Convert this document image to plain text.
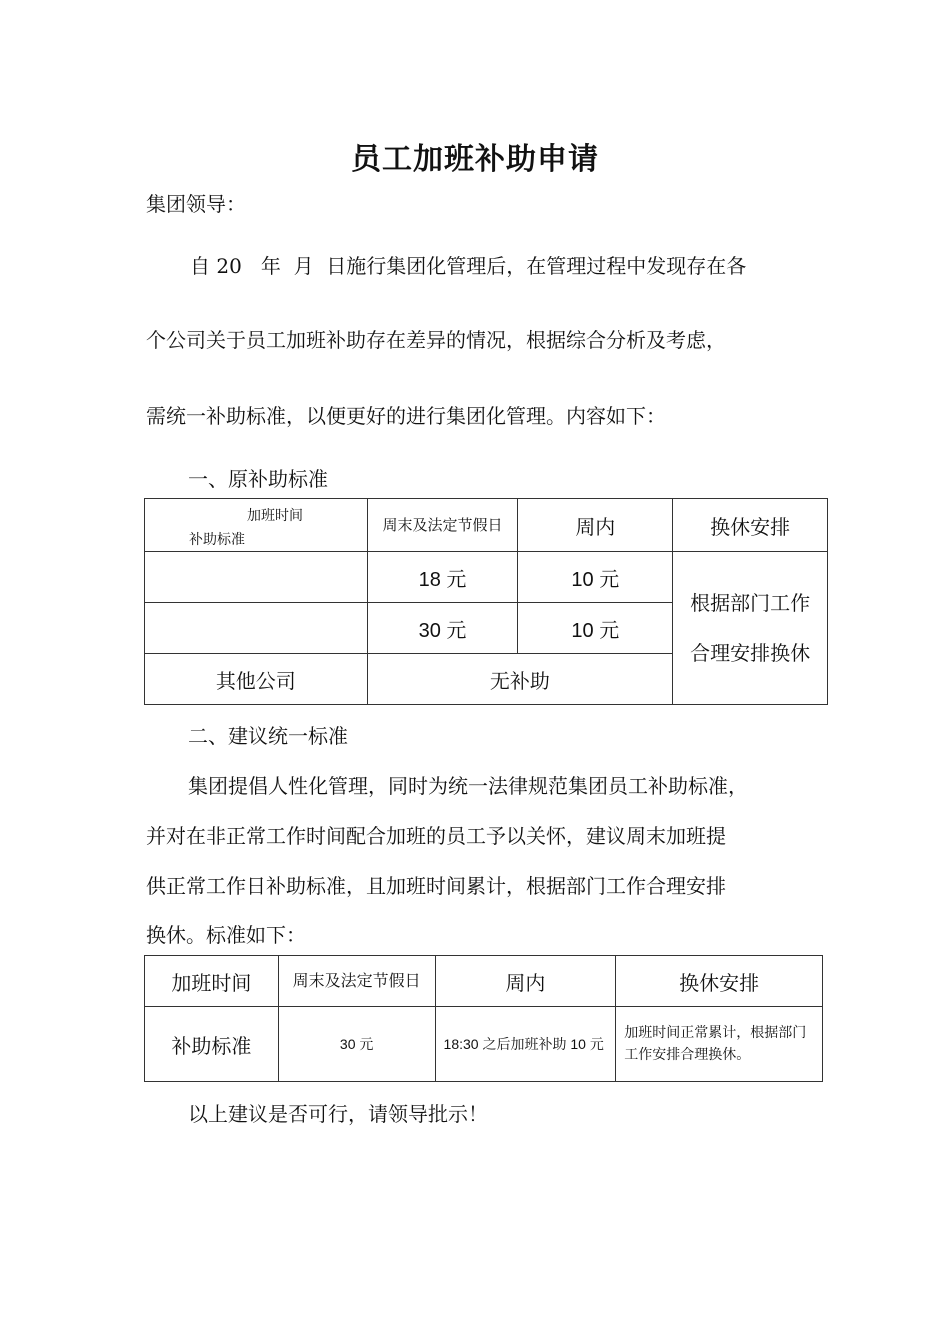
员工加班补助申请
集团领导：
自 20   年  月  日施行集团化管理后，在管理过程中发现存在各
个公司关于员工加班补助存在差异的情况，根据综合分析及考虑，
需统一补助标准，以便更好的进行集团化管理。内容如下：
一、原补助标准
加班时间
补助标准	周末及法定节假日	周内	换休安排
	18 元	10 元	根据部门工作合理安排换休
	30 元	10 元	
其他公司	无补助		
二、建议统一标准
集团提倡人性化管理，同时为统一法律规范集团员工补助标准，
并对在非正常工作时间配合加班的员工予以关怀，建议周末加班提
供正常工作日补助标准，且加班时间累计，根据部门工作合理安排
换休。标准如下：
加班时间	周末及法定节假日	周内	换休安排
补助标准	30 元	18:30 之后加班补助 10 元	加班时间正常累计，根据部门工作安排合理换休。
以上建议是否可行，请领导批示！
